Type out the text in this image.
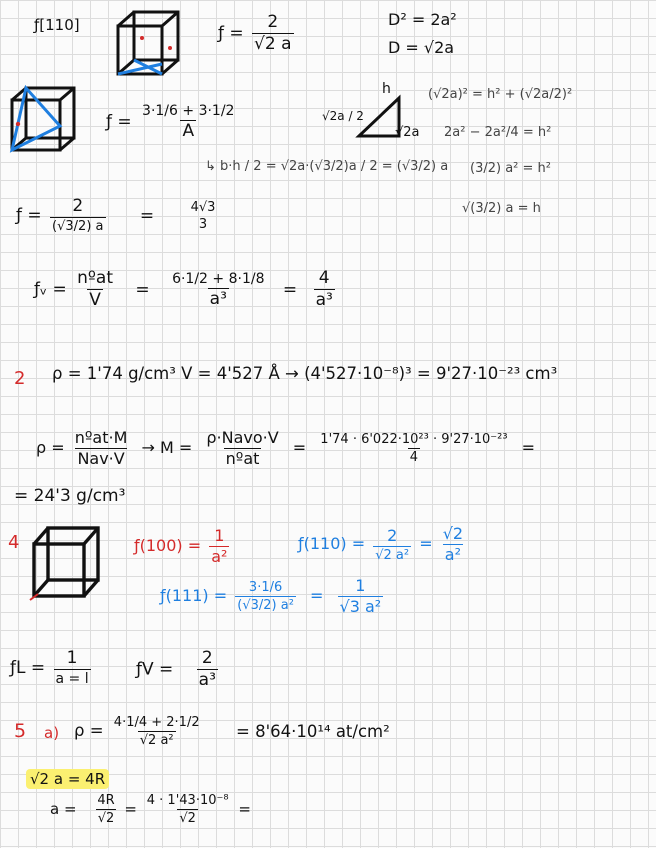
ƒ[110]	ƒ = $\frac{2}{√2 a}$	D² = 2a²
D = √2a
ƒ =
3·1/6 + 3·1/2
A
h
√2a / 2
√2a
(√2a)² = h² + (√2a/2)²
2a² − 2a²/4 = h²
(3/2) a² = h²
√(3/2) a = h
↳ b·h / 2 = √2a·(√3/2)a / 2 = (√3/2) a
ƒ = 2
(√3/2) a
=	4√3
3
ƒᵥ =
nºat
V
=
6·1/2 + 8·1/8
a³	= $\frac{4}{\text{a³}}$
2 ρ = 1'74 g/cm³ V = 4'527 Å → (4'527·10⁻⁸)³ = 9'27·10⁻²³ cm³
ρ =
nºat·M
Nav·V
→ M =
ρ·Navo·V
nºat
= $\frac{\text{1'74 · 6'022·10²³ · 9'27·10⁻²³}}{4}$ =
= 24'3 g/cm³
4	ƒ(100) = $\frac{1}{\text{a²}}$	ƒ(110) = 2
√2 a²
= $\frac{√2}{\text{a²}}$
ƒ(111) = $\frac{3\cdot 1/6}{\text{(√3/2) a²}} = \frac{1}{\text{√3 a²}}$
ƒL = 1
a = l	ƒV = $\frac{2}{\text{a³}}$
5 a) $\rho = \frac{4\cdot 1/4 + 2\cdot 1/2}{\text{√2 a²}} = 8'64\cdot 10^{14}$ at/cm²
√2 a = 4R
$a = \frac{4R}{√2} = \frac{\text{4 · 1'43·10⁻⁸}}{√2}$ =
